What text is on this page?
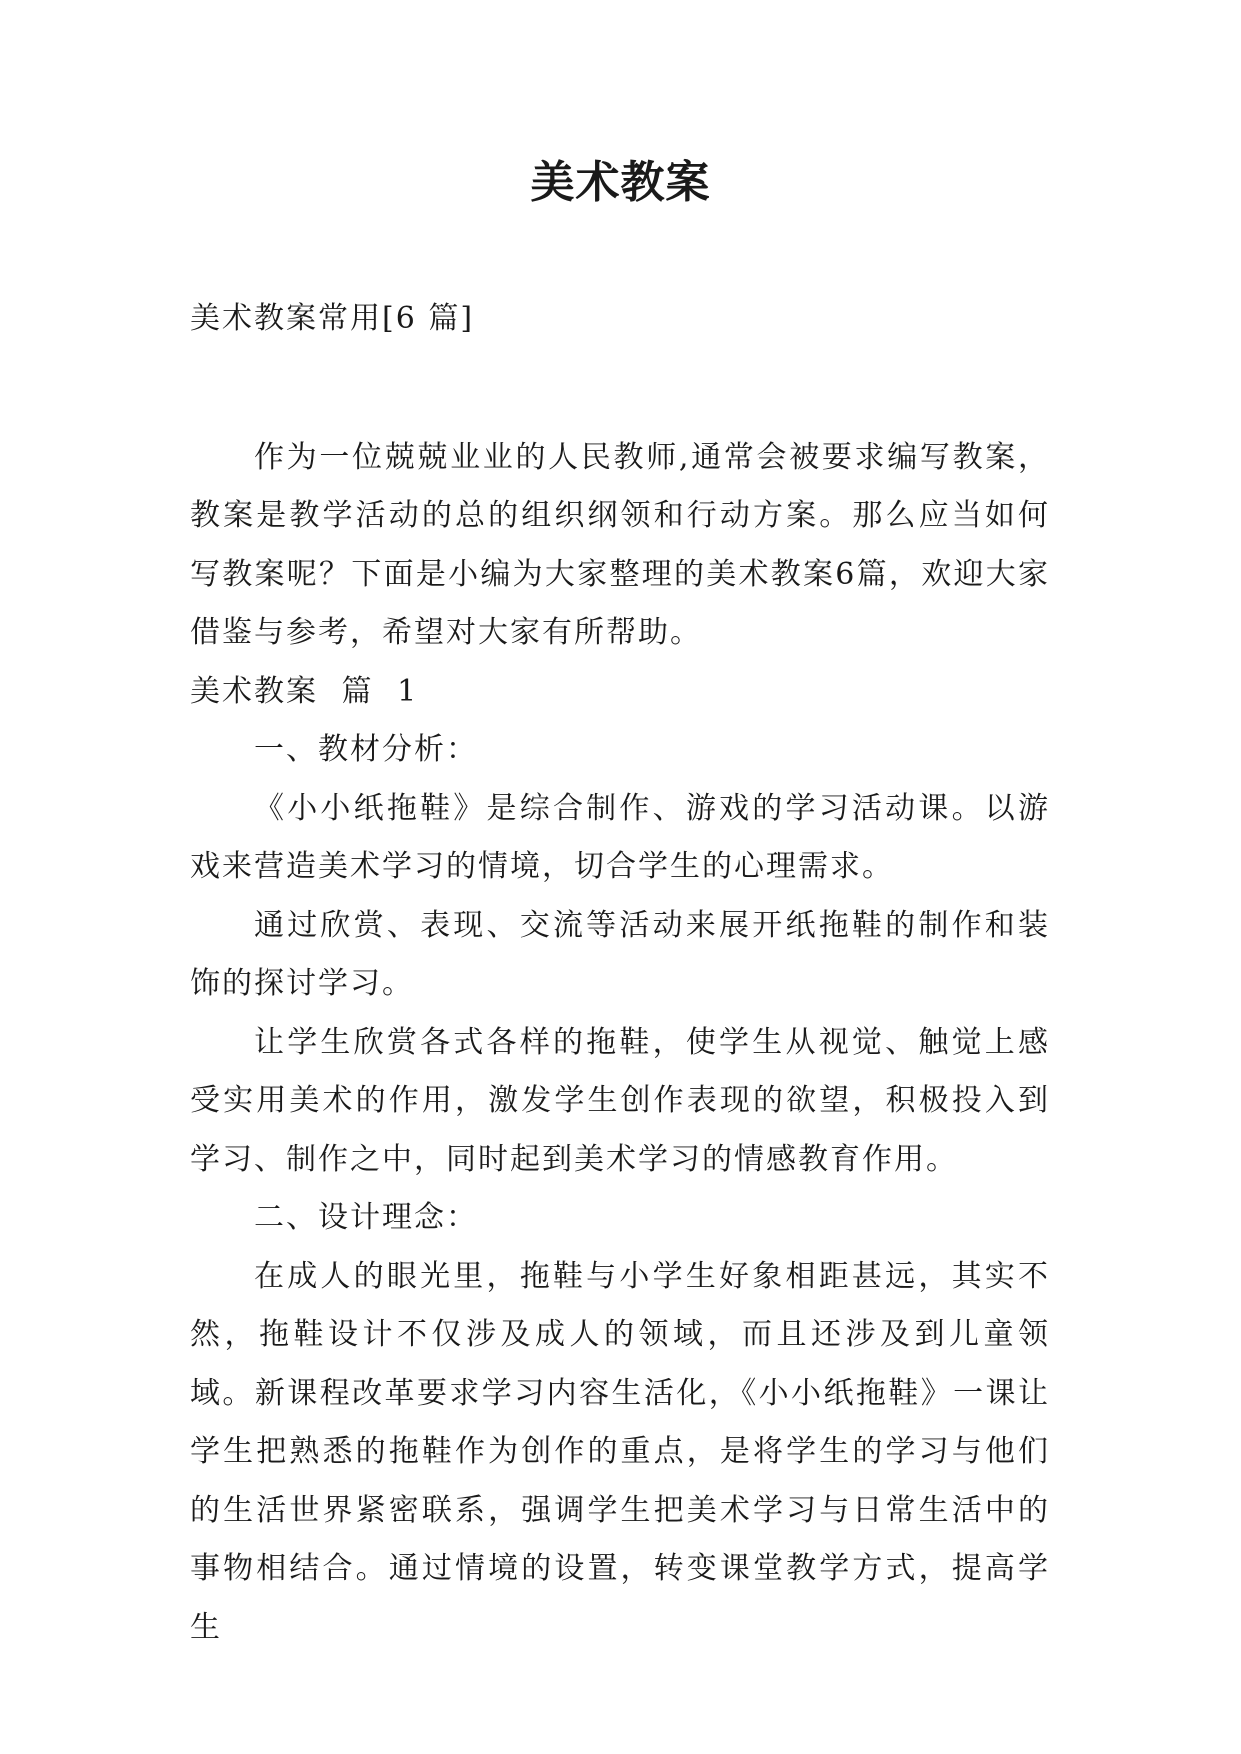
美术教案

美术教案常用[6 篇]

作为一位兢兢业业的人民教师,通常会被要求编写教案，教案是教学活动的总的组织纲领和行动方案。那么应当如何写教案呢？下面是小编为大家整理的美术教案6篇，欢迎大家借鉴与参考，希望对大家有所帮助。

美术教案 篇 1

一、教材分析：

《小小纸拖鞋》是综合制作、游戏的学习活动课。以游戏来营造美术学习的情境，切合学生的心理需求。

通过欣赏、表现、交流等活动来展开纸拖鞋的制作和装饰的探讨学习。

让学生欣赏各式各样的拖鞋，使学生从视觉、触觉上感受实用美术的作用，激发学生创作表现的欲望，积极投入到学习、制作之中，同时起到美术学习的情感教育作用。

二、设计理念：

在成人的眼光里，拖鞋与小学生好象相距甚远，其实不然，拖鞋设计不仅涉及成人的领域，而且还涉及到儿童领域。新课程改革要求学习内容生活化，《小小纸拖鞋》一课让学生把熟悉的拖鞋作为创作的重点，是将学生的学习与他们的生活世界紧密联系，强调学生把美术学习与日常生活中的事物相结合。通过情境的设置，转变课堂教学方式，提高学生
